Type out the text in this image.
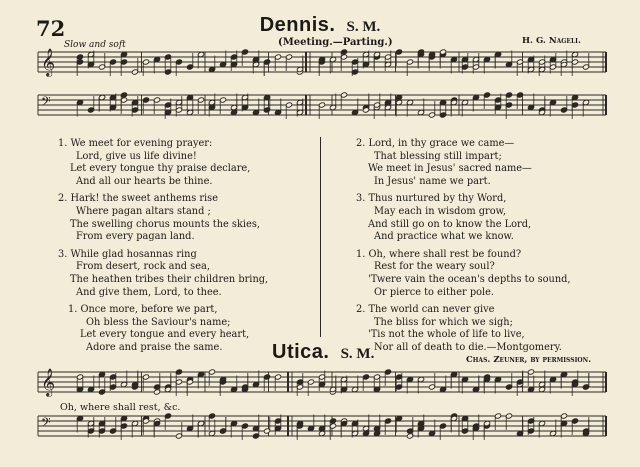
72	Dennis. S. M.
(Meeting.—Parting.)	H. G. Nageli.
Slow and soft
𝄞
𝄢
𝄞
𝄢

1. We meet for evening prayer:

Lord, give us life divine!

Let every tongue thy praise declare,

And all our hearts be thine.

2. Hark! the sweet anthems rise

Where pagan altars stand ;

The swelling chorus mounts the skies,

From every pagan land.

3. While glad hosannas ring

From desert, rock and sea,

The heathen tribes their children bring,

And give them, Lord, to thee.

1. Once more, before we part,

Oh bless the Saviour's name;

Let every tongue and every heart,

Adore and praise the same.

2. Lord, in thy grace we came—

That blessing still impart;

We meet in Jesus' sacred name—

In Jesus' name we part.

3. Thus nurtured by thy Word,

May each in wisdom grow,

And still go on to know the Lord,

And practice what we know.

1. Oh, where shall rest be found?

Rest for the weary soul?

'Twere vain the ocean's depths to sound,

Or pierce to either pole.

2. The world can never give

The bliss for which we sigh;

'Tis not the whole of life to live,

Nor all of death to die.—Montgomery.

Utica. S. M.	Chas. Zeuner, by permission.
Oh, where shall rest, &c.
